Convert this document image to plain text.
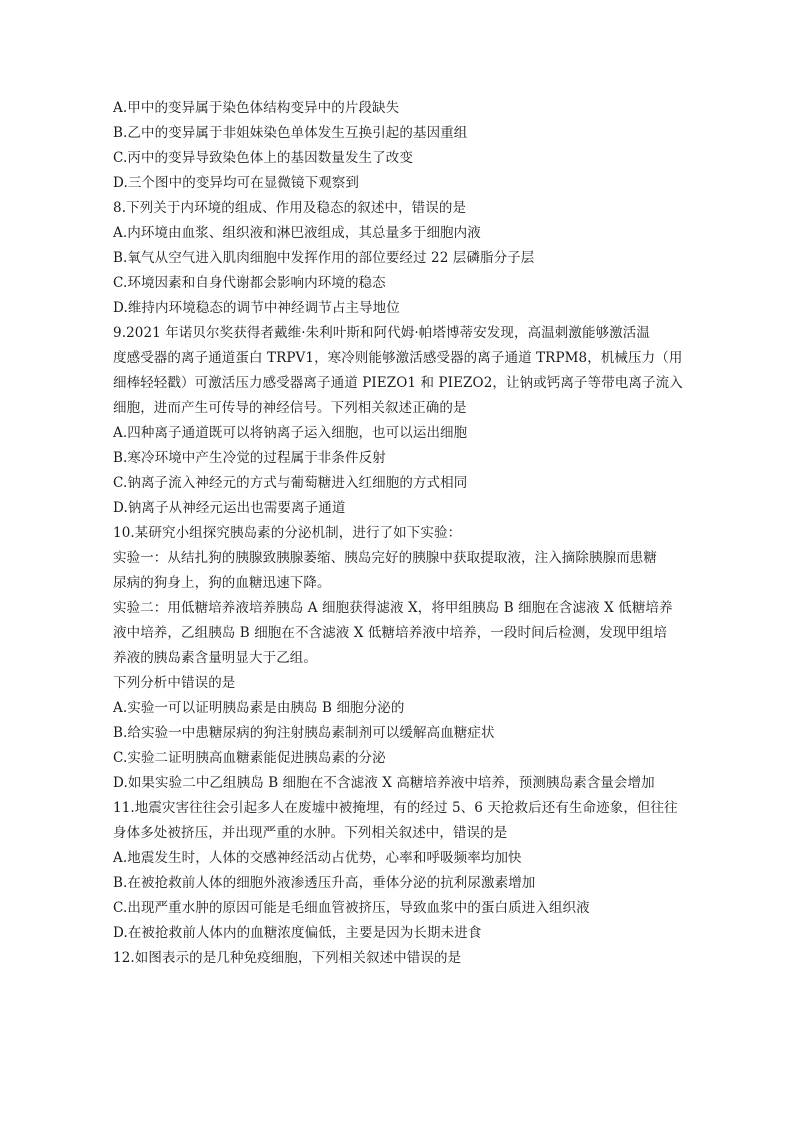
A.甲中的变异属于染色体结构变异中的片段缺失
B.乙中的变异属于非姐妹染色单体发生互换引起的基因重组
C.丙中的变异导致染色体上的基因数量发生了改变
D.三个图中的变异均可在显微镜下观察到
8.下列关于内环境的组成、作用及稳态的叙述中，错误的是
A.内环境由血浆、组织液和淋巴液组成，其总量多于细胞内液
B.氧气从空气进入肌肉细胞中发挥作用的部位要经过 22 层磷脂分子层
C.环境因素和自身代谢都会影响内环境的稳态
D.维持内环境稳态的调节中神经调节占主导地位
9.2021 年诺贝尔奖获得者戴维·朱利叶斯和阿代姆·帕塔博蒂安发现，高温刺激能够激活温
度感受器的离子通道蛋白 TRPV1，寒冷则能够激活感受器的离子通道 TRPM8，机械压力（用
细棒轻轻戳）可激活压力感受器离子通道 PIEZO1 和 PIEZO2，让钠或钙离子等带电离子流入
细胞，进而产生可传导的神经信号。下列相关叙述正确的是
A.四种离子通道既可以将钠离子运入细胞，也可以运出细胞
B.寒冷环境中产生冷觉的过程属于非条件反射
C.钠离子流入神经元的方式与葡萄糖进入红细胞的方式相同
D.钠离子从神经元运出也需要离子通道
10.某研究小组探究胰岛素的分泌机制，进行了如下实验：
实验一：从结扎狗的胰腺致胰腺萎缩、胰岛完好的胰腺中获取提取液，注入摘除胰腺而患糖
尿病的狗身上，狗的血糖迅速下降。
实验二：用低糖培养液培养胰岛 A 细胞获得滤液 X，将甲组胰岛 B 细胞在含滤液 X 低糖培养
液中培养，乙组胰岛 B 细胞在不含滤液 X 低糖培养液中培养，一段时间后检测，发现甲组培
养液的胰岛素含量明显大于乙组。
下列分析中错误的是
A.实验一可以证明胰岛素是由胰岛 B 细胞分泌的
B.给实验一中患糖尿病的狗注射胰岛素制剂可以缓解高血糖症状
C.实验二证明胰高血糖素能促进胰岛素的分泌
D.如果实验二中乙组胰岛 B 细胞在不含滤液 X 高糖培养液中培养，预测胰岛素含量会增加
11.地震灾害往往会引起多人在废墟中被掩埋，有的经过 5、6 天抢救后还有生命迹象，但往往
身体多处被挤压，并出现严重的水肿。下列相关叙述中，错误的是
A.地震发生时，人体的交感神经活动占优势，心率和呼吸频率均加快
B.在被抢救前人体的细胞外液渗透压升高，垂体分泌的抗利尿激素增加
C.出现严重水肿的原因可能是毛细血管被挤压，导致血浆中的蛋白质进入组织液
D.在被抢救前人体内的血糖浓度偏低，主要是因为长期未进食
12.如图表示的是几种免疫细胞，下列相关叙述中错误的是
